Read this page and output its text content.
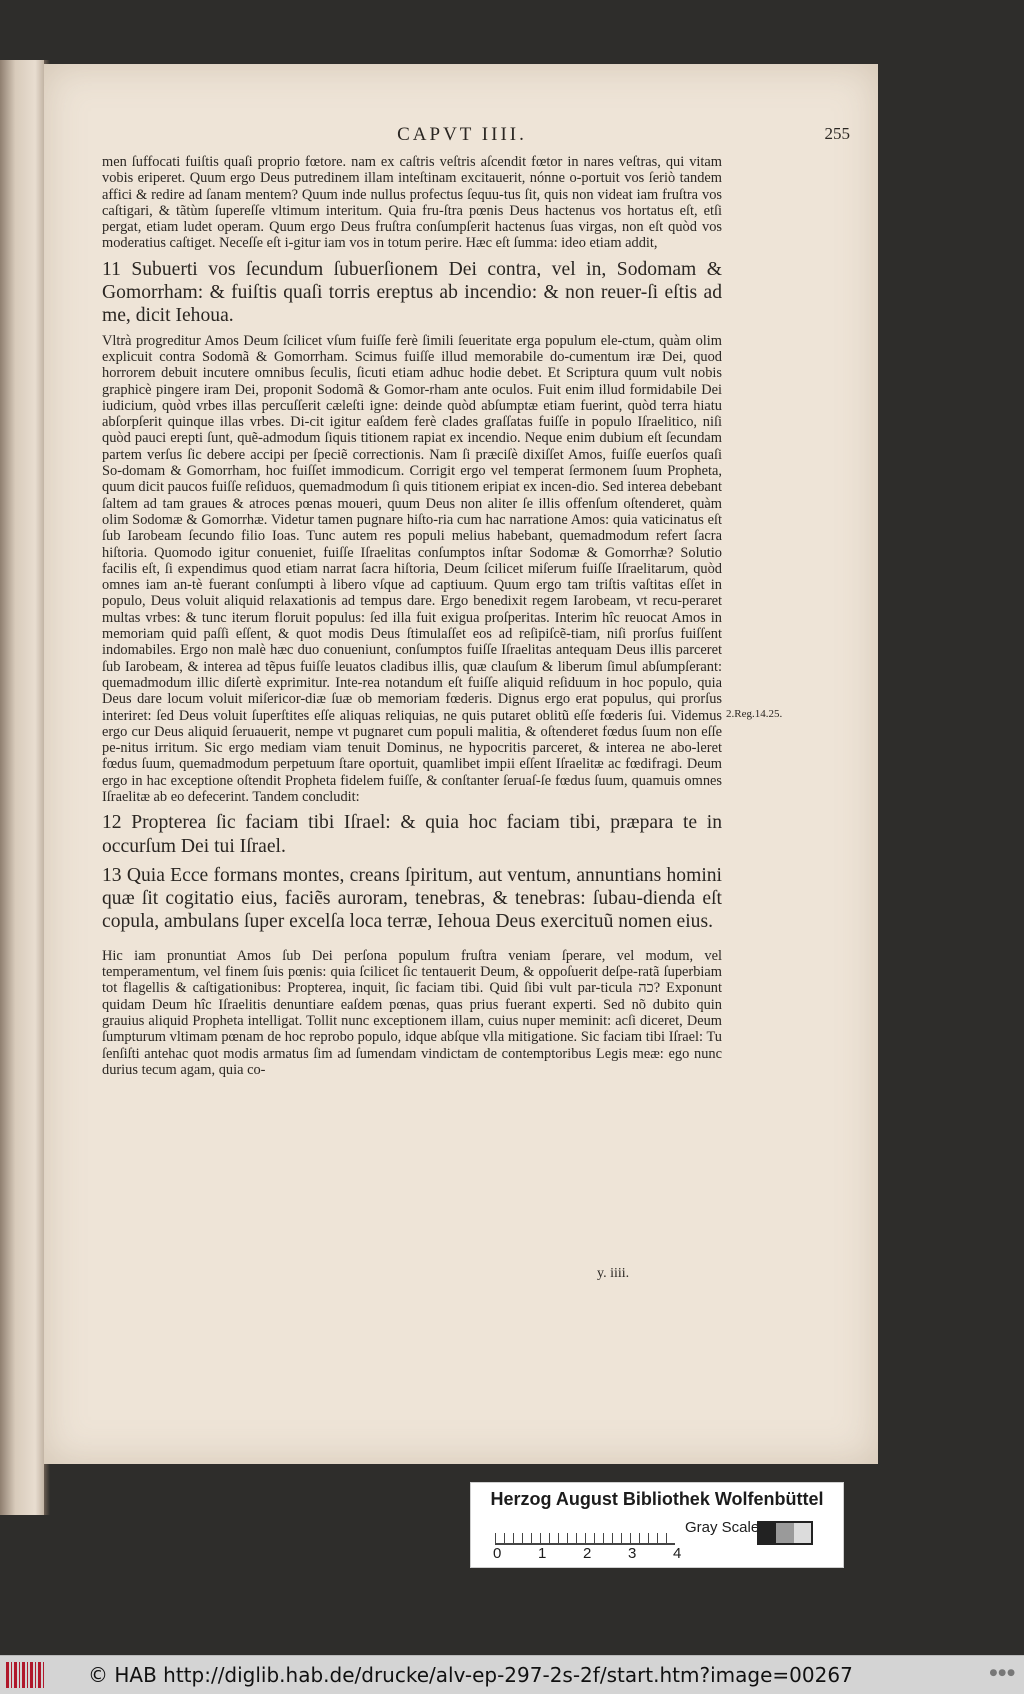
CAPVT IIII.	255

men ſuffocati fuiſtis quaſi proprio fœtore. nam ex caſtris veſtris aſcendit fœtor in nares veſtras, qui vitam vobis eriperet. Quum ergo Deus putredinem illam inteſtinam excitauerit, nónne o-portuit vos ſeriò tandem affici & redire ad ſanam mentem? Quum inde nullus profectus ſequu-tus ſit, quis non videat iam fruſtra vos caſtigari, & tãtùm ſupereſſe vltimum interitum. Quia fru-ſtra pœnis Deus hactenus vos hortatus eſt, etſi pergat, etiam ludet operam. Quum ergo Deus fruſtra conſumpſerit hactenus ſuas virgas, non eſt quòd vos moderatius caſtiget. Neceſſe eſt i-gitur iam vos in totum perire. Hæc eſt ſumma: ideo etiam addit,

11 Subuerti vos ſecundum ſubuerſionem Dei contra, vel in, Sodomam & Gomorrham: & fuiſtis quaſi torris ereptus ab incendio: & non reuer-ſi eſtis ad me, dicit Iehoua.

Vltrà progreditur Amos Deum ſcilicet vſum fuiſſe ferè ſimili ſeueritate erga populum ele-ctum, quàm olim explicuit contra Sodomã & Gomorrham. Scimus fuiſſe illud memorabile do-cumentum iræ Dei, quod horrorem debuit incutere omnibus ſeculis, ſicuti etiam adhuc hodie debet. Et Scriptura quum vult nobis graphicè pingere iram Dei, proponit Sodomã & Gomor-rham ante oculos. Fuit enim illud formidabile Dei iudicium, quòd vrbes illas percuſſerit cæleſti igne: deinde quòd abſumptæ etiam fuerint, quòd terra hiatu abſorpſerit quinque illas vrbes. Di-cit igitur eaſdem ferè clades graſſatas fuiſſe in populo Iſraelitico, niſi quòd pauci erepti ſunt, quẽ-admodum ſiquis titionem rapiat ex incendio. Neque enim dubium eſt ſecundam partem verſus ſic debere accipi per ſpeciẽ correctionis. Nam ſi præciſè dixiſſet Amos, fuiſſe euerſos quaſi So-domam & Gomorrham, hoc fuiſſet immodicum. Corrigit ergo vel temperat ſermonem ſuum Propheta, quum dicit paucos fuiſſe reſiduos, quemadmodum ſi quis titionem eripiat ex incen-dio. Sed interea debebant ſaltem ad tam graues & atroces pœnas moueri, quum Deus non aliter ſe illis offenſum oſtenderet, quàm olim Sodomæ & Gomorrhæ. Videtur tamen pugnare hiſto-ria cum hac narratione Amos: quia vaticinatus eſt ſub Iarobeam ſecundo filio Ioas. Tunc autem res populi melius habebant, quemadmodum refert ſacra hiſtoria. Quomodo igitur conueniet, fuiſſe Iſraelitas conſumptos inſtar Sodomæ & Gomorrhæ? Solutio facilis eſt, ſi expendimus quod etiam narrat ſacra hiſtoria, Deum ſcilicet miſerum fuiſſe Iſraelitarum, quòd omnes iam an-tè fuerant conſumpti à libero vſque ad captiuum. Quum ergo tam triſtis vaſtitas eſſet in populo, Deus voluit aliquid relaxationis ad tempus dare. Ergo benedixit regem Iarobeam, vt recu-peraret multas vrbes: & tunc iterum floruit populus: ſed illa fuit exigua proſperitas. Interim hîc reuocat Amos in memoriam quid paſſi eſſent, & quot modis Deus ſtimulaſſet eos ad reſipiſcẽ-tiam, niſi prorſus fuiſſent indomabiles. Ergo non malè hæc duo conueniunt, conſumptos fuiſſe Iſraelitas antequam Deus illis parceret ſub Iarobeam, & interea ad tẽpus fuiſſe leuatos cladibus illis, quæ clauſum & liberum ſimul abſumpſerant: quemadmodum illic diſertè exprimitur. Inte-rea notandum eſt fuiſſe aliquid reſiduum in hoc populo, quia Deus dare locum voluit miſericor-diæ ſuæ ob memoriam fœderis. Dignus ergo erat populus, qui prorſus interiret: ſed Deus voluit ſuperſtites eſſe aliquas reliquias, ne quis putaret oblitũ eſſe fœderis ſui. Videmus ergo cur Deus aliquid ſeruauerit, nempe vt pugnaret cum populi malitia, & oſtenderet fœdus ſuum non eſſe pe-nitus irritum. Sic ergo mediam viam tenuit Dominus, ne hypocritis parceret, & interea ne abo-leret fœdus ſuum, quemadmodum perpetuum ſtare oportuit, quamlibet impii eſſent Iſraelitæ ac fœdifragi. Deum ergo in hac exceptione oſtendit Propheta fidelem fuiſſe, & conſtanter ſeruaſ-ſe fœdus ſuum, quamuis omnes Iſraelitæ ab eo defecerint. Tandem concludit:

12 Propterea ſic faciam tibi Iſrael: & quia hoc faciam tibi, præpara te in occurſum Dei tui Iſrael.

13 Quia Ecce formans montes, creans ſpiritum, aut ventum, annuntians homini quæ ſit cogitatio eius, faciẽs auroram, tenebras, & tenebras: ſubau-dienda eſt copula, ambulans ſuper excelſa loca terræ, Iehoua Deus exercituũ nomen eius.

Hic iam pronuntiat Amos ſub Dei perſona populum fruſtra veniam ſperare, vel modum, vel temperamentum, vel finem ſuis pœnis: quia ſcilicet ſic tentauerit Deum, & oppoſuerit deſpe-ratã ſuperbiam tot flagellis & caſtigationibus: Propterea, inquit, ſic faciam tibi. Quid ſibi vult par-ticula כה? Exponunt quidam Deum hîc Iſraelitis denuntiare eaſdem pœnas, quas prius fuerant experti. Sed nõ dubito quin grauius aliquid Propheta intelligat. Tollit nunc exceptionem illam, cuius nuper meminit: acſi diceret, Deum ſumpturum vltimam pœnam de hoc reprobo populo, idque abſque vlla mitigatione. Sic faciam tibi Iſrael: Tu ſenſiſti antehac quot modis armatus ſim ad ſumendam vindictam de contemptoribus Legis meæ: ego nunc durius tecum agam, quia co-

2.Reg.14.25.
y. iiii.
Herzog August Bibliothek Wolfenbüttel
0 1 2 3 4
Gray Scale
© HAB http://diglib.hab.de/drucke/alv-ep-297-2s-2f/start.htm?image=00267	●●●
